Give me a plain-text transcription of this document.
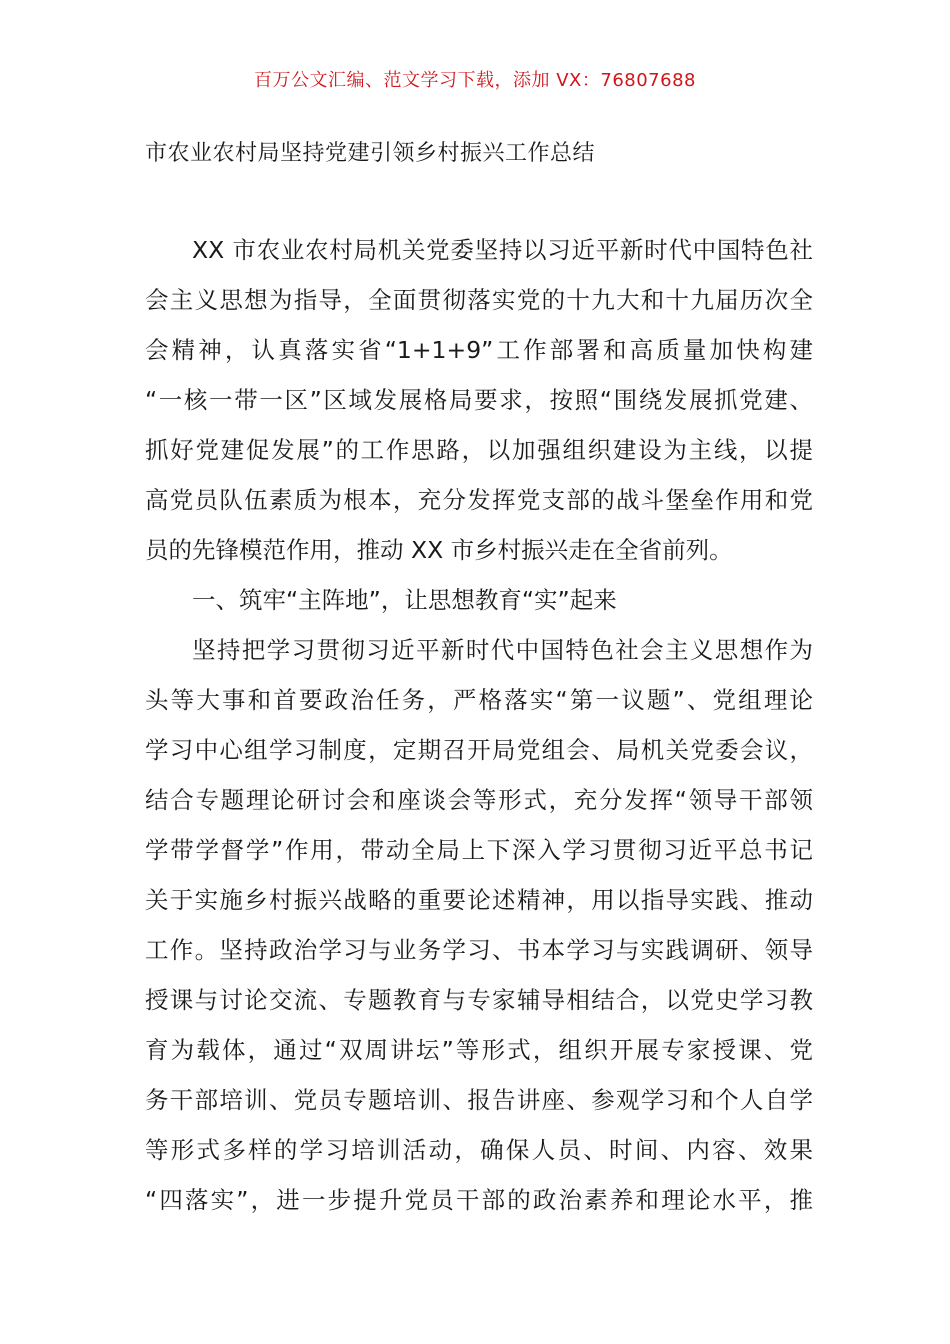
百万公文汇编、范文学习下载，添加 VX：76807688
市农业农村局坚持党建引领乡村振兴工作总结
XX 市农业农村局机关党委坚持以习近平新时代中国特色社
会主义思想为指导，全面贯彻落实党的十九大和十九届历次全
会精神，认真落实省“1+1+9”工作部署和高质量加快构建
“一核一带一区”区域发展格局要求，按照“围绕发展抓党建、
抓好党建促发展”的工作思路，以加强组织建设为主线，以提
高党员队伍素质为根本，充分发挥党支部的战斗堡垒作用和党
员的先锋模范作用，推动 XX 市乡村振兴走在全省前列。
一、筑牢“主阵地”，让思想教育“实”起来
坚持把学习贯彻习近平新时代中国特色社会主义思想作为
头等大事和首要政治任务，严格落实“第一议题”、党组理论
学习中心组学习制度，定期召开局党组会、局机关党委会议，
结合专题理论研讨会和座谈会等形式，充分发挥“领导干部领
学带学督学”作用，带动全局上下深入学习贯彻习近平总书记
关于实施乡村振兴战略的重要论述精神，用以指导实践、推动
工作。坚持政治学习与业务学习、书本学习与实践调研、领导
授课与讨论交流、专题教育与专家辅导相结合，以党史学习教
育为载体，通过“双周讲坛”等形式，组织开展专家授课、党
务干部培训、党员专题培训、报告讲座、参观学习和个人自学
等形式多样的学习培训活动，确保人员、时间、内容、效果
“四落实”，进一步提升党员干部的政治素养和理论水平，推
